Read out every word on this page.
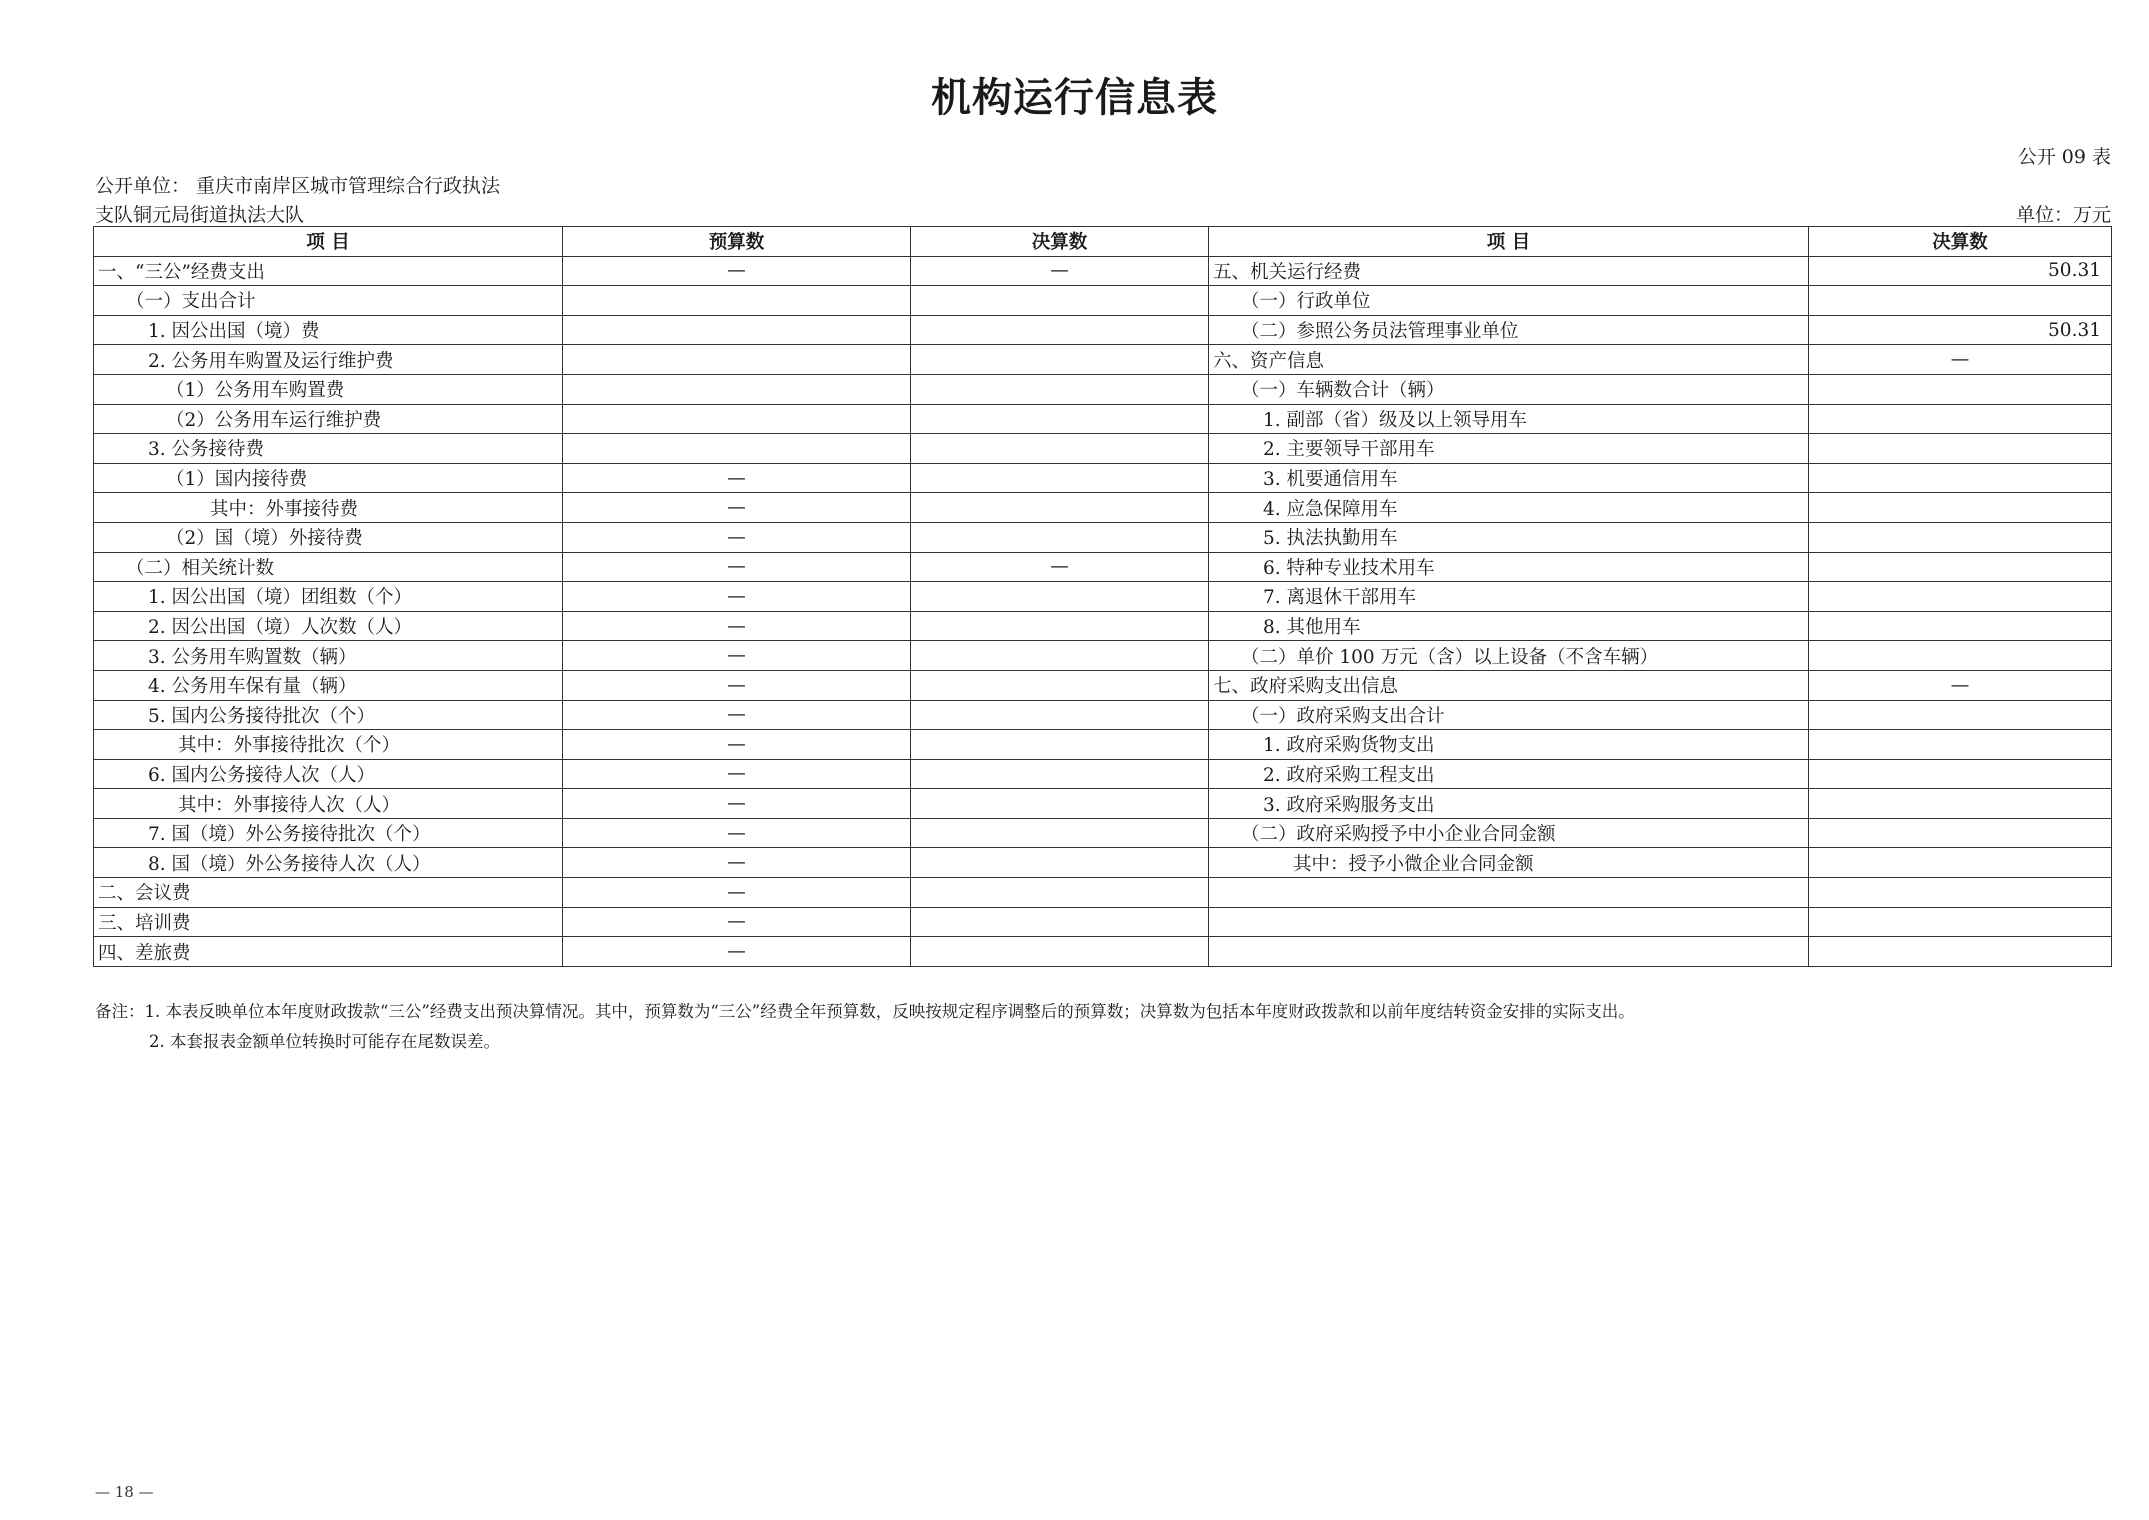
机构运行信息表
公开 09 表
公开单位： 重庆市南岸区城市管理综合行政执法
支队铜元局街道执法大队	单位：万元
项 目	预算数	决算数	项 目	决算数
一、“三公”经费支出	—	—	五、机关运行经费	50.31
（一）支出合计			（一）行政单位	
1. 因公出国（境）费			（二）参照公务员法管理事业单位	50.31
2. 公务用车购置及运行维护费			六、资产信息	—
（1）公务用车购置费			（一）车辆数合计（辆）	
（2）公务用车运行维护费			1. 副部（省）级及以上领导用车	
3. 公务接待费			2. 主要领导干部用车	
（1）国内接待费	—		3. 机要通信用车	
其中：外事接待费	—		4. 应急保障用车	
（2）国（境）外接待费	—		5. 执法执勤用车	
（二）相关统计数	—	—	6. 特种专业技术用车	
1. 因公出国（境）团组数（个）	—		7. 离退休干部用车	
2. 因公出国（境）人次数（人）	—		8. 其他用车	
3. 公务用车购置数（辆）	—		（二）单价 100 万元（含）以上设备（不含车辆）	
4. 公务用车保有量（辆）	—		七、政府采购支出信息	—
5. 国内公务接待批次（个）	—		（一）政府采购支出合计	
其中：外事接待批次（个）	—		1. 政府采购货物支出	
6. 国内公务接待人次（人）	—		2. 政府采购工程支出	
其中：外事接待人次（人）	—		3. 政府采购服务支出	
7. 国（境）外公务接待批次（个）	—		（二）政府采购授予中小企业合同金额	
8. 国（境）外公务接待人次（人）	—		其中：授予小微企业合同金额	
二、会议费	—			
三、培训费	—			
四、差旅费	—			
备注：1. 本表反映单位本年度财政拨款“三公”经费支出预决算情况。其中，预算数为“三公”经费全年预算数，反映按规定程序调整后的预算数；决算数为包括本年度财政拨款和以前年度结转资金安排的实际支出。
2. 本套报表金额单位转换时可能存在尾数误差。
— 18 —
